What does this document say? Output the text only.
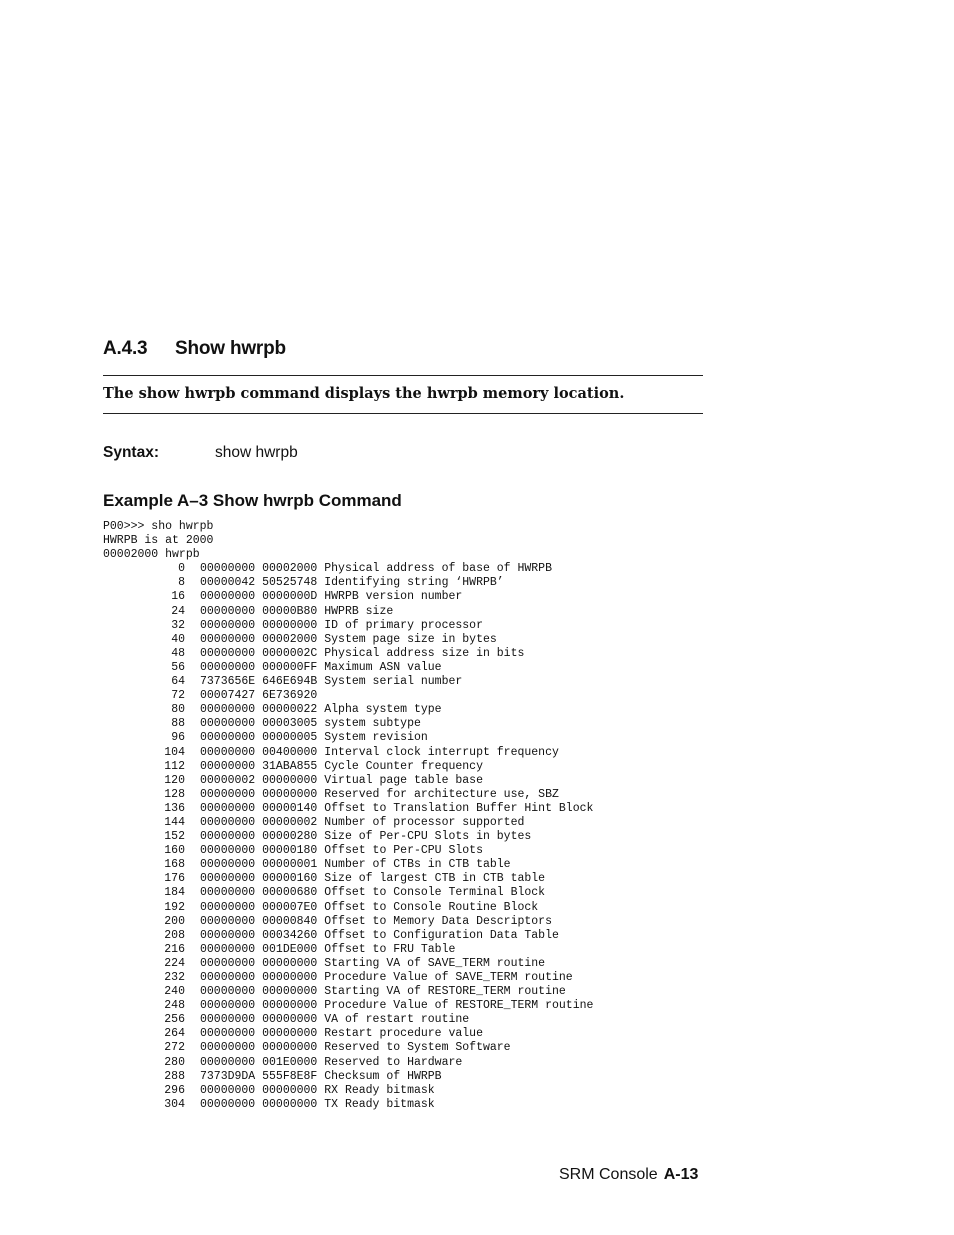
A.4.3 Show hwrpb
The show hwrpb command displays the hwrpb memory location.
Syntax:	show hwrpb
Example A–3 Show hwrpb Command
P00>>> sho hwrpb
HWRPB is at 2000
00002000 hwrpb
0 00000000 00002000 Physical address of base of HWRPB
8 00000042 50525748 Identifying string ‘HWRPB’
16 00000000 0000000D HWRPB version number
24 00000000 00000B80 HWPRB size
32 00000000 00000000 ID of primary processor
40 00000000 00002000 System page size in bytes
48 00000000 0000002C Physical address size in bits
56 00000000 000000FF Maximum ASN value
64 7373656E 646E694B System serial number
72 00007427 6E736920
80 00000000 00000022 Alpha system type
88 00000000 00003005 system subtype
96 00000000 00000005 System revision
104 00000000 00400000 Interval clock interrupt frequency
112 00000000 31ABA855 Cycle Counter frequency
120 00000002 00000000 Virtual page table base
128 00000000 00000000 Reserved for architecture use, SBZ
136 00000000 00000140 Offset to Translation Buffer Hint Block
144 00000000 00000002 Number of processor supported
152 00000000 00000280 Size of Per-CPU Slots in bytes
160 00000000 00000180 Offset to Per-CPU Slots
168 00000000 00000001 Number of CTBs in CTB table
176 00000000 00000160 Size of largest CTB in CTB table
184 00000000 00000680 Offset to Console Terminal Block
192 00000000 000007E0 Offset to Console Routine Block
200 00000000 00000840 Offset to Memory Data Descriptors
208 00000000 00034260 Offset to Configuration Data Table
216 00000000 001DE000 Offset to FRU Table
224 00000000 00000000 Starting VA of SAVE_TERM routine
232 00000000 00000000 Procedure Value of SAVE_TERM routine
240 00000000 00000000 Starting VA of RESTORE_TERM routine
248 00000000 00000000 Procedure Value of RESTORE_TERM routine
256 00000000 00000000 VA of restart routine
264 00000000 00000000 Restart procedure value
272 00000000 00000000 Reserved to System Software
280 00000000 001E0000 Reserved to Hardware
288 7373D9DA 555F8E8F Checksum of HWRPB
296 00000000 00000000 RX Ready bitmask
304 00000000 00000000 TX Ready bitmask
SRM Console A-13
